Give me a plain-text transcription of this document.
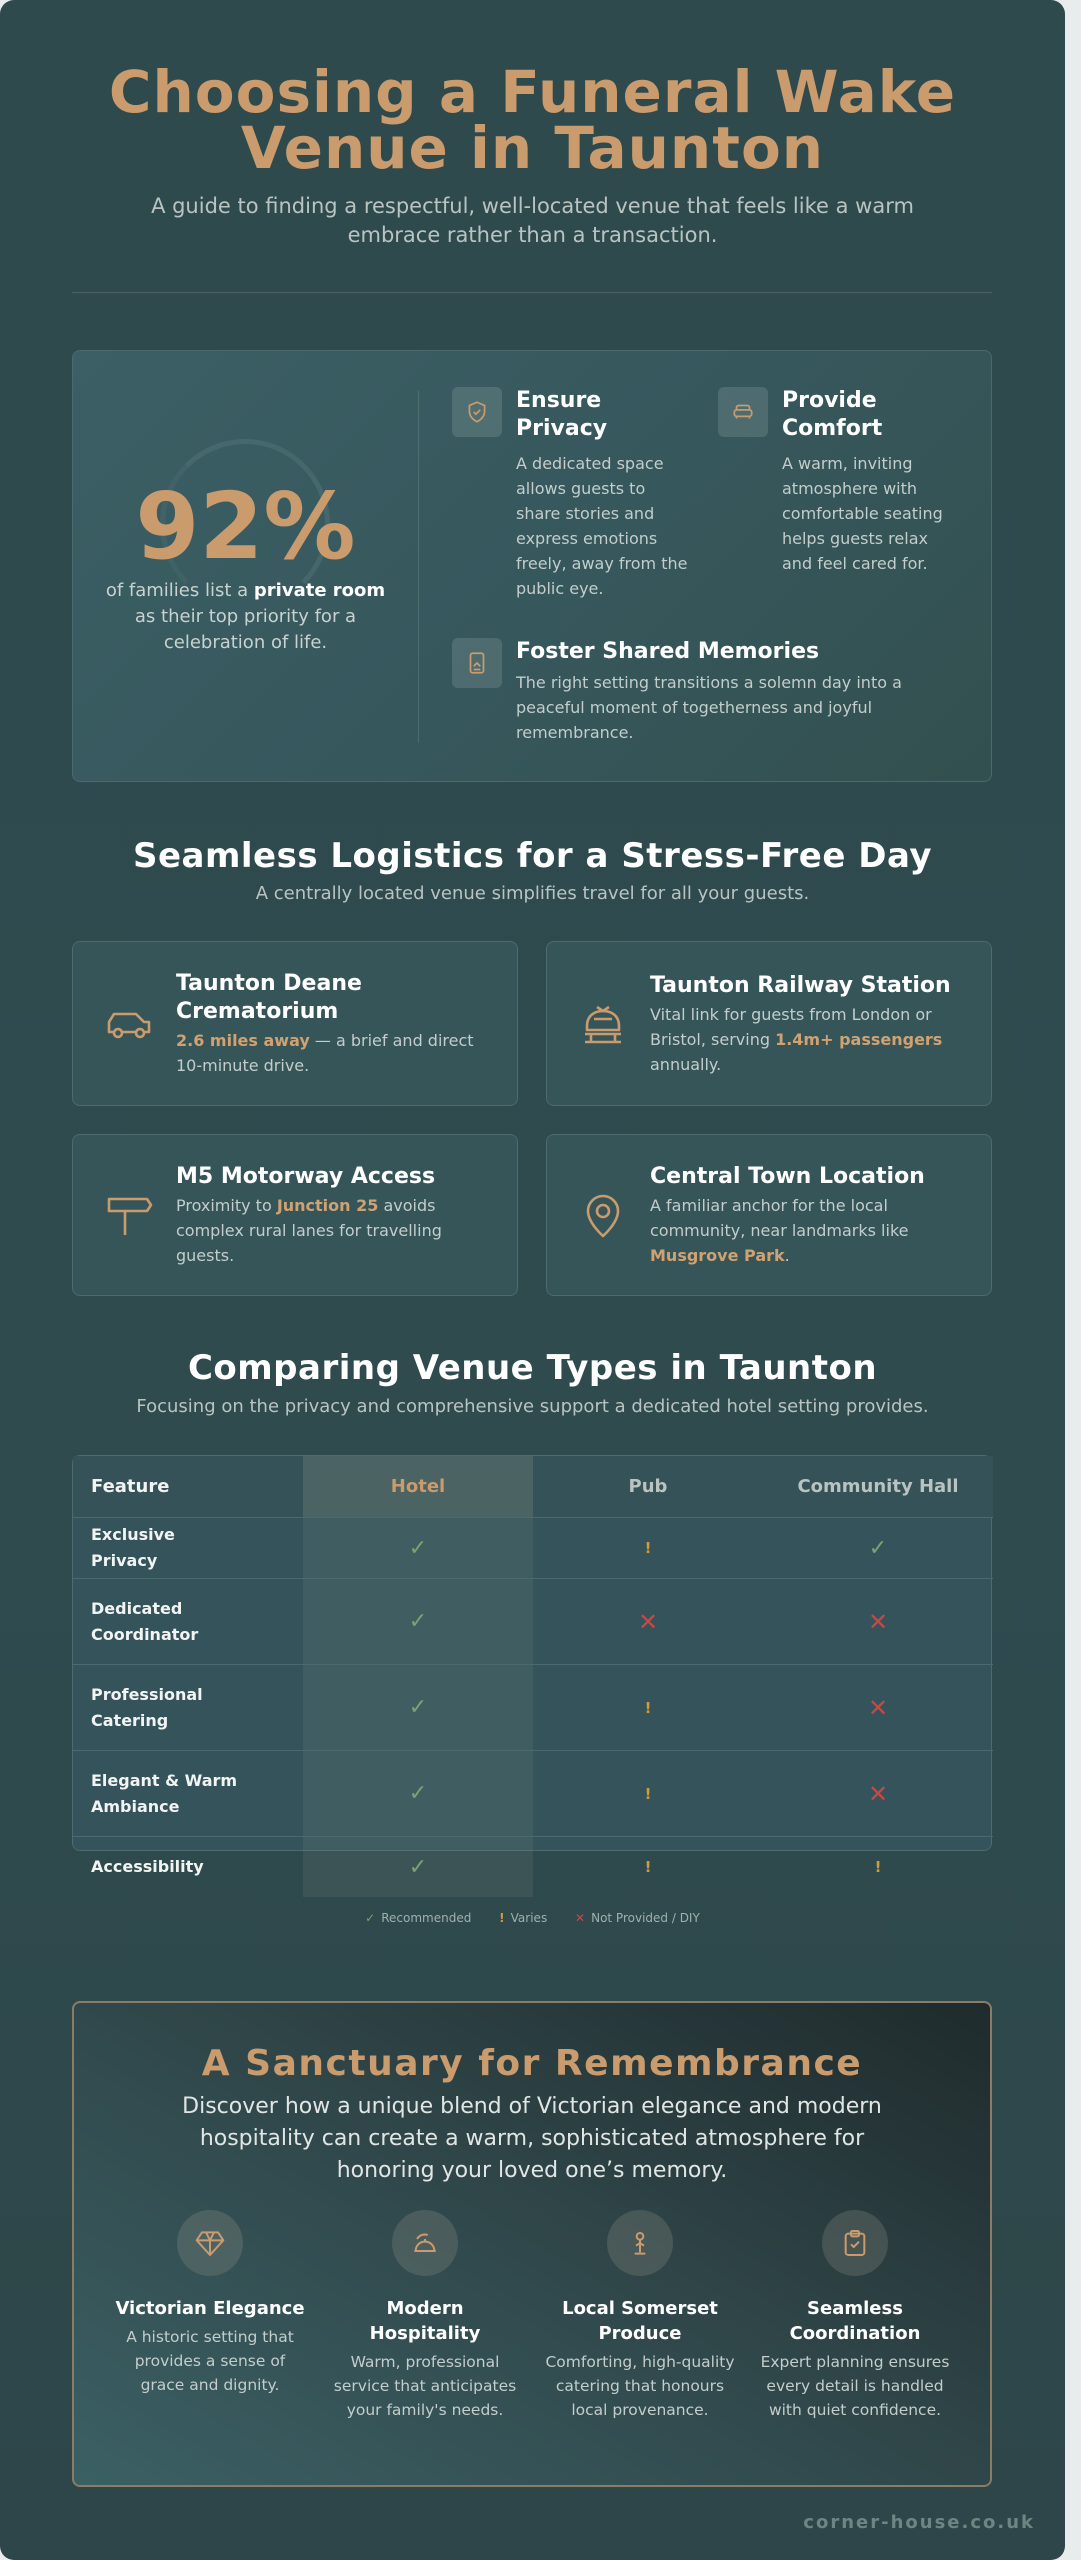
Choosing a Funeral Wake
Venue in Taunton

A guide to finding a respectful, well-located venue that feels like a warm embrace rather than a transaction.

92%
of families list a private room as their top priority for a celebration of life.
Ensure Privacy

A dedicated space allows guests to share stories and express emotions freely, away from the public eye.

Provide Comfort

A warm, inviting atmosphere with comfortable seating helps guests relax and feel cared for.

Foster Shared Memories

The right setting transitions a solemn day into a peaceful moment of togetherness and joyful remembrance.

Seamless Logistics for a Stress-Free Day
A centrally located venue simplifies travel for all your guests.
Taunton Deane Crematorium

2.6 miles away — a brief and direct 10-minute drive.

Taunton Railway Station

Vital link for guests from London or Bristol, serving 1.4m+ passengers annually.

M5 Motorway Access

Proximity to Junction 25 avoids complex rural lanes for travelling guests.

Central Town Location

A familiar anchor for the local community, near landmarks like Musgrove Park.

Comparing Venue Types in Taunton
Focusing on the privacy and comprehensive support a dedicated hotel setting provides.
Feature	Hotel	Pub	Community Hall
Exclusive Privacy	✓	!	✓
Dedicated Coordinator	✓	✕	✕
Professional Catering	✓	!	✕
Elegant & Warm Ambiance	✓	!	✕
Accessibility	✓	!	!
✓ Recommended ! Varies ✕ Not Provided / DIY
A Sanctuary for Remembrance
Discover how a unique blend of Victorian elegance and modern hospitality can create a warm, sophisticated atmosphere for honoring your loved one’s memory.
Victorian Elegance

A historic setting that provides a sense of grace and dignity.

Modern Hospitality

Warm, professional service that anticipates your family's needs.

Local Somerset Produce

Comforting, high-quality catering that honours local provenance.

Seamless Coordination

Expert planning ensures every detail is handled with quiet confidence.

corner-house.co.uk
